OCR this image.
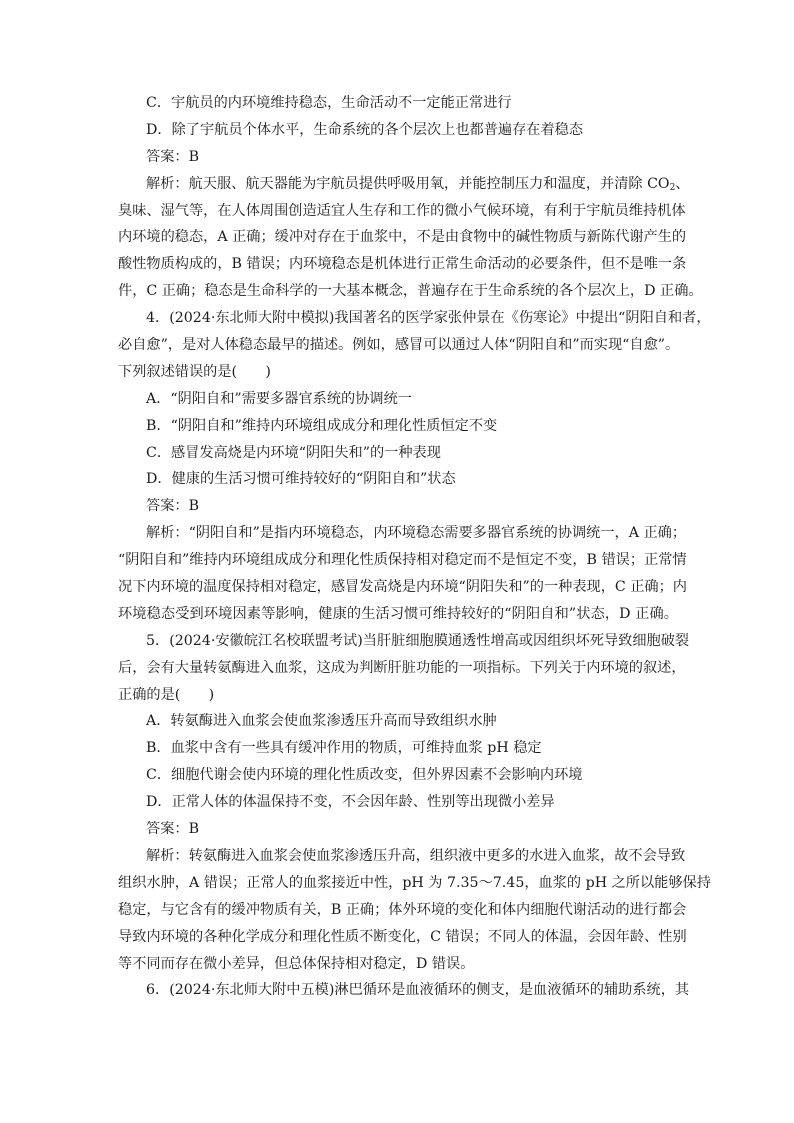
C．宇航员的内环境维持稳态，生命活动不一定能正常进行
D．除了宇航员个体水平，生命系统的各个层次上也都普遍存在着稳态
答案：B
解析：航天服、航天器能为宇航员提供呼吸用氧，并能控制压力和温度，并清除 $CO_2$、
臭味、湿气等，在人体周围创造适宜人生存和工作的微小气候环境，有利于宇航员维持机体
内环境的稳态，A 正确；缓冲对存在于血浆中，不是由食物中的碱性物质与新陈代谢产生的
酸性物质构成的，B 错误；内环境稳态是机体进行正常生命活动的必要条件，但不是唯一条
件，C 正确；稳态是生命科学的一大基本概念，普遍存在于生命系统的各个层次上，D 正确。
4．(2024·东北师大附中模拟)我国著名的医学家张仲景在《伤寒论》中提出“阴阳自和者，
必自愈”，是对人体稳态最早的描述。例如，感冒可以通过人体“阴阳自和”而实现“自愈”。
下列叙述错误的是(　　)
A．“阴阳自和”需要多器官系统的协调统一
B．“阴阳自和”维持内环境组成成分和理化性质恒定不变
C．感冒发高烧是内环境“阴阳失和”的一种表现
D．健康的生活习惯可维持较好的“阴阳自和”状态
答案：B
解析：“阴阳自和”是指内环境稳态，内环境稳态需要多器官系统的协调统一，A 正确；
“阴阳自和”维持内环境组成成分和理化性质保持相对稳定而不是恒定不变，B 错误；正常情
况下内环境的温度保持相对稳定，感冒发高烧是内环境“阴阳失和”的一种表现，C 正确；内
环境稳态受到环境因素等影响，健康的生活习惯可维持较好的“阴阳自和”状态，D 正确。
5．(2024·安徽皖江名校联盟考试)当肝脏细胞膜通透性增高或因组织坏死导致细胞破裂
后，会有大量转氨酶进入血浆，这成为判断肝脏功能的一项指标。下列关于内环境的叙述，
正确的是(　　)
A．转氨酶进入血浆会使血浆渗透压升高而导致组织水肿
B．血浆中含有一些具有缓冲作用的物质，可维持血浆 pH 稳定
C．细胞代谢会使内环境的理化性质改变，但外界因素不会影响内环境
D．正常人体的体温保持不变，不会因年龄、性别等出现微小差异
答案：B
解析：转氨酶进入血浆会使血浆渗透压升高，组织液中更多的水进入血浆，故不会导致
组织水肿，A 错误；正常人的血浆接近中性，pH 为 7.35～7.45，血浆的 pH 之所以能够保持
稳定，与它含有的缓冲物质有关，B 正确；体外环境的变化和体内细胞代谢活动的进行都会
导致内环境的各种化学成分和理化性质不断变化，C 错误；不同人的体温，会因年龄、性别
等不同而存在微小差异，但总体保持相对稳定，D 错误。
6．(2024·东北师大附中五模)淋巴循环是血液循环的侧支，是血液循环的辅助系统，其
